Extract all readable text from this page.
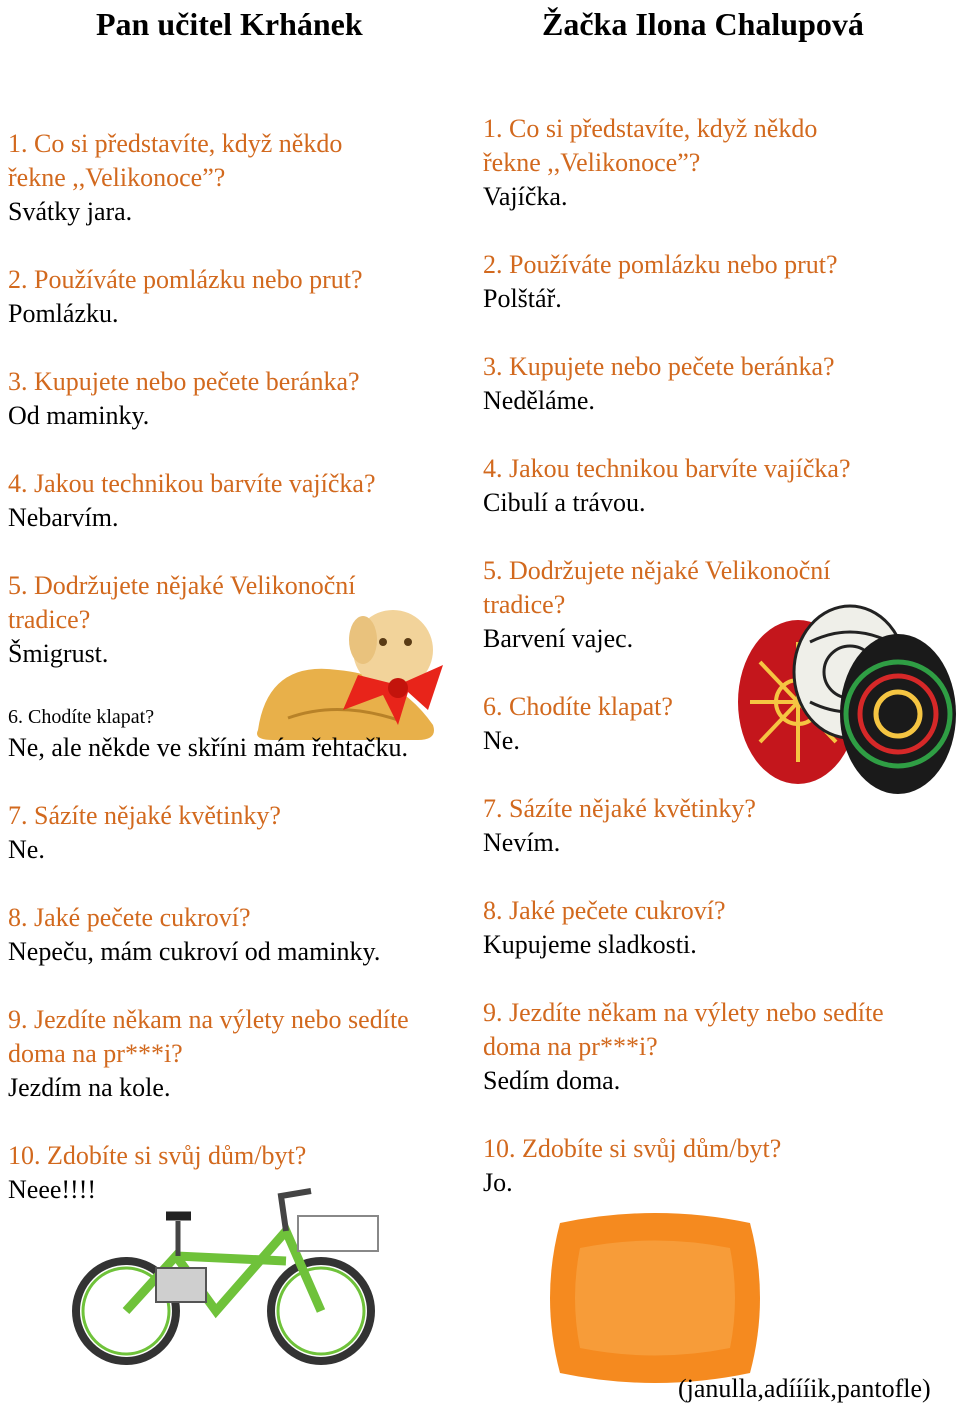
Pan učitel Krhánek	Žačka Ilona Chalupová
1. Co si představíte, když někdo
řekne ,,Velikonoce”?
Svátky jara.
2. Používáte pomlázku nebo prut?
Pomlázku.
3. Kupujete nebo pečete beránka?
Od maminky.
4. Jakou technikou barvíte vajíčka?
Nebarvím.
5. Dodržujete nějaké Velikonoční
tradice?
Šmigrust.
6. Chodíte klapat?
Ne, ale někde ve skříni mám řehtačku.
7. Sázíte nějaké květinky?
Ne.
8. Jaké pečete cukroví?
Nepeču, mám cukroví od maminky.
9. Jezdíte někam na výlety nebo sedíte
doma na pr***i?
Jezdím na kole.
10. Zdobíte si svůj dům/byt?
Neee!!!!
1. Co si představíte, když někdo
řekne ,,Velikonoce”?
Vajíčka.
2. Používáte pomlázku nebo prut?
Polštář.
3. Kupujete nebo pečete beránka?
Neděláme.
4. Jakou technikou barvíte vajíčka?
Cibulí a trávou.
5. Dodržujete nějaké Velikonoční
tradice?
Barvení vajec.
6. Chodíte klapat?
Ne.
7. Sázíte nějaké květinky?
Nevím.
8. Jaké pečete cukroví?
Kupujeme sladkosti.
9. Jezdíte někam na výlety nebo sedíte
doma na pr***i?
Sedím doma.
10. Zdobíte si svůj dům/byt?
Jo.
(janulla,adíííik,pantofle)
